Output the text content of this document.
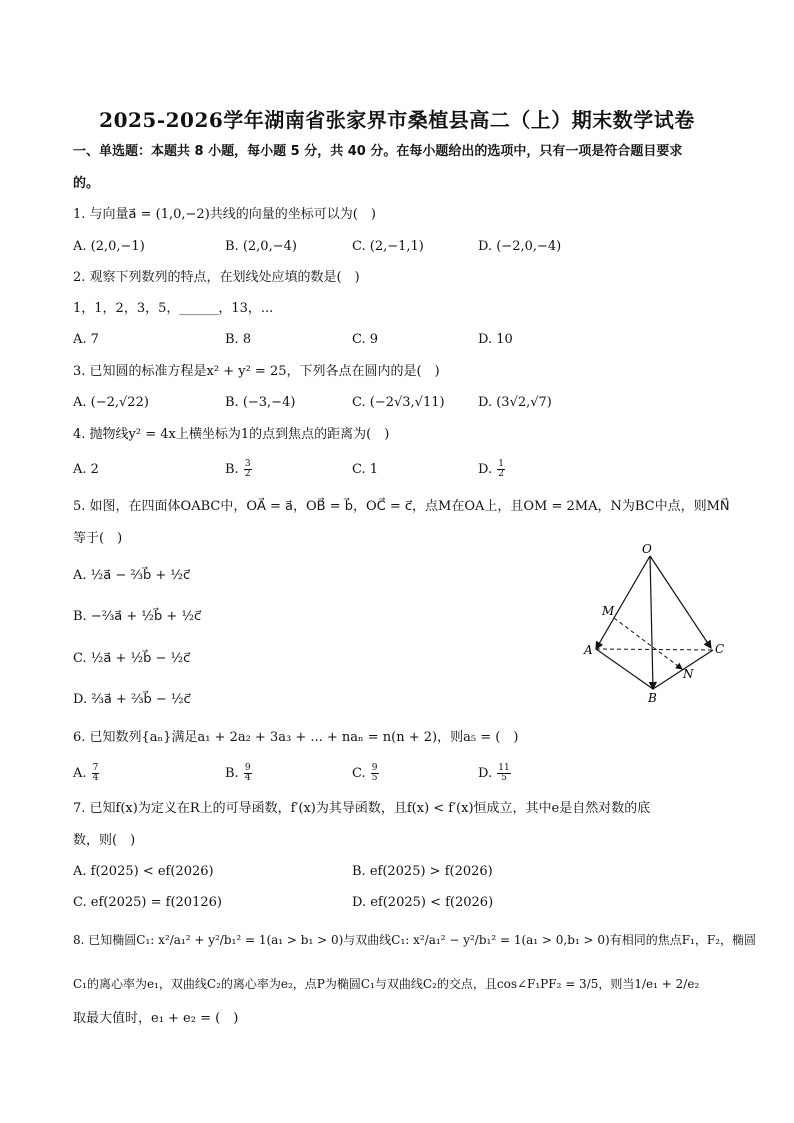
2025-2026学年湖南省张家界市桑植县高二（上）期末数学试卷
一、单选题：本题共 8 小题，每小题 5 分，共 40 分。在每小题给出的选项中，只有一项是符合题目要求
的。
1. 与向量a⃗ = (1,0,−2)共线的向量的坐标可以为(　)
A. (2,0,−1)	B. (2,0,−4)	C. (2,−1,1)	D. (−2,0,−4)
2. 观察下列数列的特点，在划线处应填的数是(　)
1，1，2，3，5，______，13，...
A. 7	B. 8	C. 9	D. 10
3. 已知圆的标准方程是x² + y² = 25，下列各点在圆内的是(　)
A. (−2,√22)	B. (−3,−4)	C. (−2√3,√11)	D. (3√2,√7)
4. 抛物线y² = 4x上横坐标为1的点到焦点的距离为(　)
A. 2	B. $\frac{3}{2}$	C. 1	D. $\frac{1}{2}$
5. 如图，在四面体OABC中，OA⃗ = a⃗，OB⃗ = b⃗，OC⃗ = c⃗，点M在OA上，且OM = 2MA，N为BC中点，则MN⃗
等于(　)
A. ½a⃗ − ⅔b⃗ + ½c⃗
B. −⅔a⃗ + ½b⃗ + ½c⃗
C. ½a⃗ + ½b⃗ − ½c⃗
D. ⅔a⃗ + ⅔b⃗ − ½c⃗
O
M
A
B
C
N
6. 已知数列{aₙ}满足a₁ + 2a₂ + 3a₃ + ... + naₙ = n(n + 2)，则a₅ = (　)
A. $\frac{7}{4}$	B. $\frac{9}{4}$	C. $\frac{9}{5}$	D. $\frac{11}{5}$
7. 已知f(x)为定义在R上的可导函数，f′(x)为其导函数，且f(x) < f′(x)恒成立，其中e是自然对数的底
数，则(　)
A. f(2025) < ef(2026)	B. ef(2025) > f(2026)
C. ef(2025) = f(20126)	D. ef(2025) < f(2026)
8. 已知椭圆C₁: x²/a₁² + y²/b₁² = 1(a₁ > b₁ > 0)与双曲线C₁: x²/a₁² − y²/b₁² = 1(a₁ > 0,b₁ > 0)有相同的焦点F₁，F₂，椭圆
C₁的离心率为e₁，双曲线C₂的离心率为e₂，点P为椭圆C₁与双曲线C₂的交点，且cos∠F₁PF₂ = 3/5，则当1/e₁ + 2/e₂
取最大值时，e₁ + e₂ = (　)
